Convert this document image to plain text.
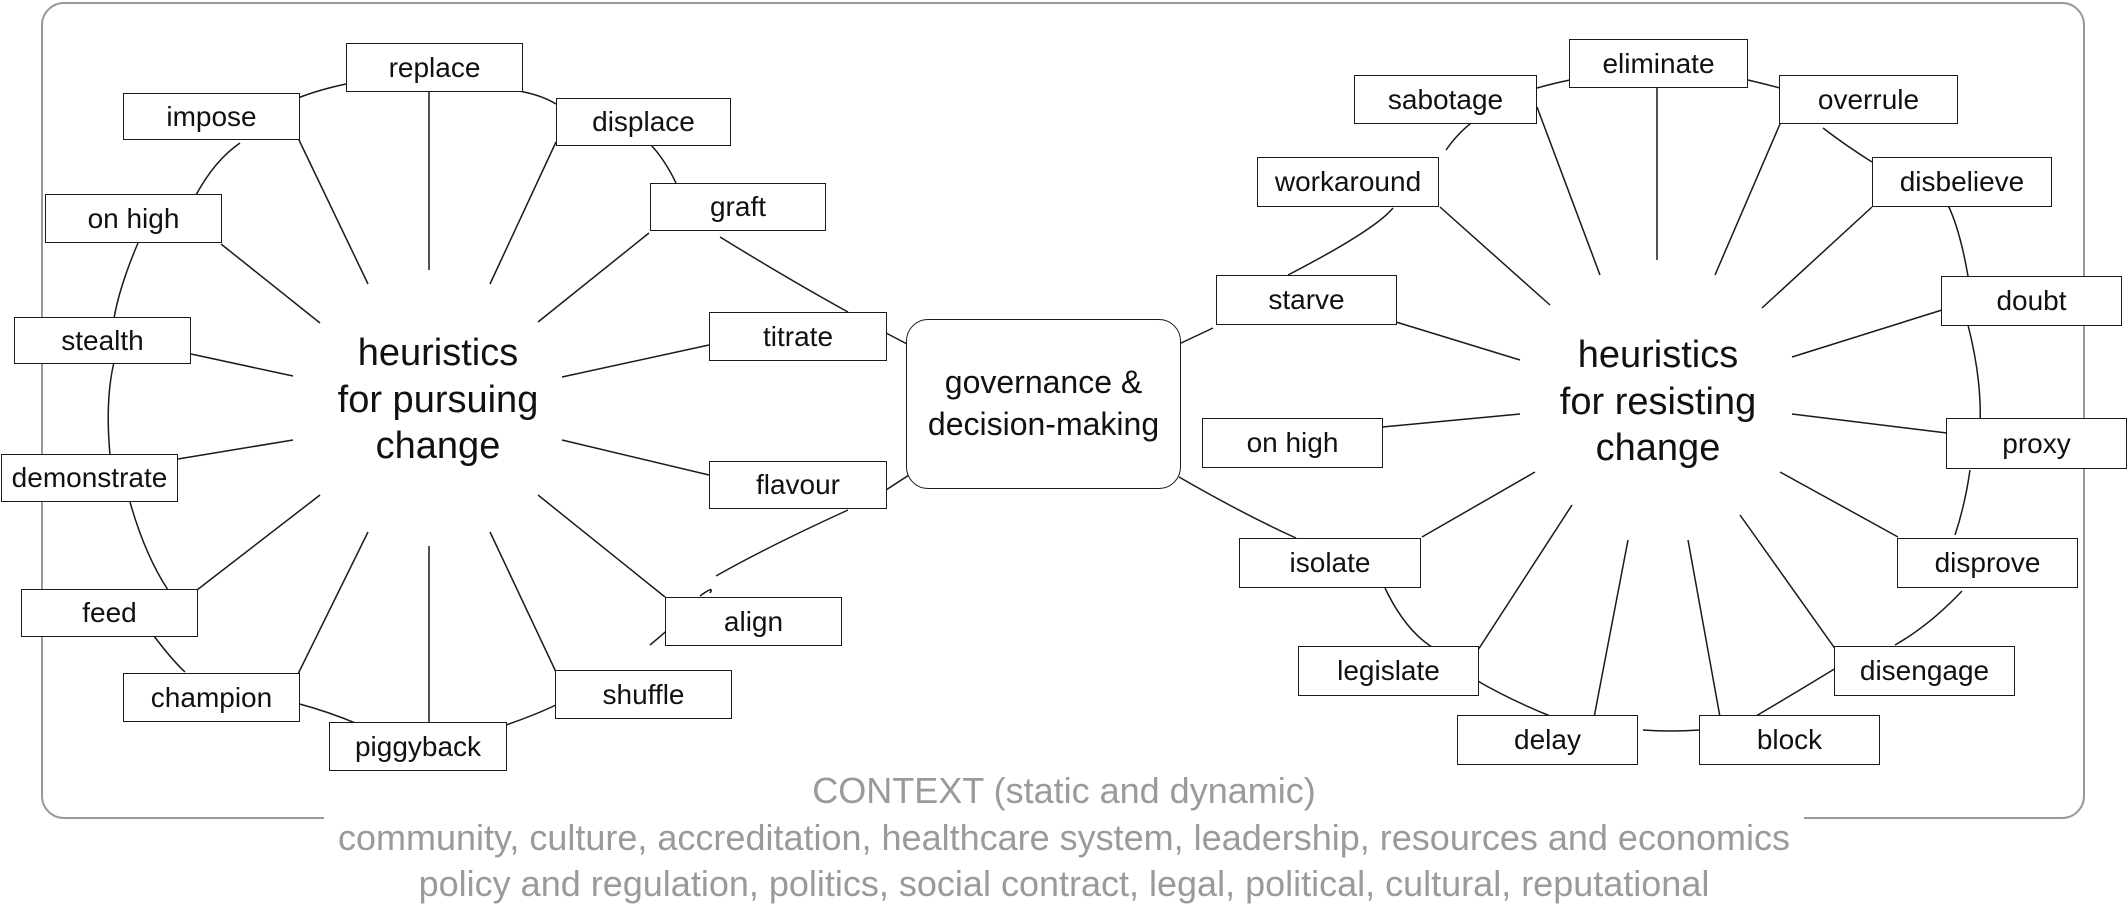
heuristics
for pursuing
change
replace
impose	displace
graft
on high
stealth	titrate
demonstrate	flavour
feed	align
champion	shuffle
piggyback
governance &
decision-making
heuristics
for resisting
change
eliminate
sabotage	overrule
workaround	disbelieve
starve	doubt
on high	proxy
isolate	disprove
legislate	disengage
delay	block
CONTEXT (static and dynamic)
community, culture, accreditation, healthcare system, leadership, resources and economics
policy and regulation, politics, social contract, legal, political, cultural, reputational
